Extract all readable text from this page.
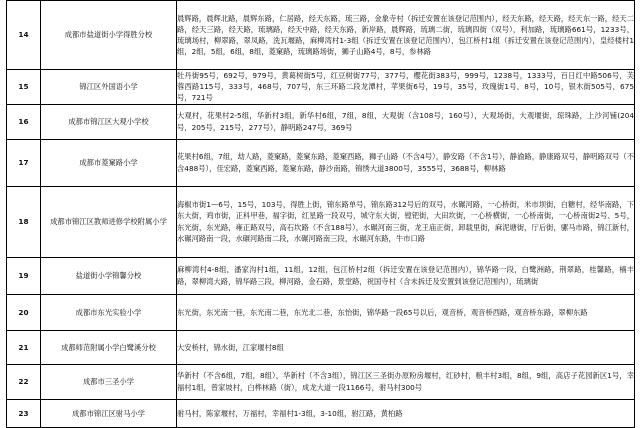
14	成都市盐道街小学得胜分校	晨辉路，晨辉北路，晨辉东路，仁居路，经天东路，琉三路，金象寺村（拆迁安置在该登记范围内），经天东路，经天路，经天东一路，经天二路，经天三路，经天路，琉璃路，经天中路，经天东路，新岸路，晨辉路，琉璃二街，琉璃四街（双号），利加路，琉璃路661号，1233号，琉璃场村，柳翠路，翠凤路，洗瓦堰路，麻柳湾村1-3组（拆迁安置在该登记范围内），包江桥村1组（拆迁安置在该登记范围内），皇经楼村1组，2组，5组，6组，8组，菱窠路，琉璃路场街，狮子山路4号，8号，参林路
15	锦江区外国语小学	牡丹街95号，692号，979号，黄葛树街5号，红豆树街77号，377号，樱花街383号，999号，1238号，1333号，百日红中路506号，芙蓉西路115号，333号，468号，707号，东三环路二段龙潭村，苹果街6号，19号，35号，玫瑰街1号，8号，10号，银木街505号，675号，721号
16	成都市锦江区大观小学校	大观村，花果村2-5组，华新村3组，新华村6组，7组，8组，大观街（含108号，160号），大观场街，大观堰街，琼珠路，上沙河铺(204号，205号，215号，277号），静明路247号，369号
17	成都市菱窠路小学	花果村6组，7组，劫人路，菱窠路，菱窠东路，菱窠西路，狮子山路（不含4号），静安路（不含1号），静渝路，静康路双号，静明路双号（不含488号），佳宏路，菱窠西路，菱窠东路，静沙南路，锦绣大道3800号，3555号，3688号，柳林路
18	成都市锦江区教师进修学校附属小学	海椒市街1—6号，15号，103号，得胜上街，锦东路单号，锦东路312号后的双号，水碾河路，一心桥街，米市坝街，白糖村，经华南路，下东大街，鸡市街，正科甲巷，福字街，红星路一段双号，城守东大街，镗钯街，大田坎街，一心桥横街，一心桥南街，一心桥南街2号、5号，东光街，东光路，雍正路双号，高石坎路（不含188号），水碾河南三街，龙王庙正街，卸载里街，麻泥塘街，厅后街，骡马市路，锦江新村，水碾河路南一段，水碾河路南二段，水碾河路南三段，水碾河东路，牛市口路
19	盐道街小学锦馨分校	麻柳湾村4-8组，潘家沟村1组，11组，12组，包江桥村2组（拆迁安置在该登记范围内），锦华路一段，白鹭洲路，荆翠路，桂馨路，楠丰路，翠柳湾大路，锦华路三段，柳河路，金石路，景堂路，祝国寺村（含未拆迁及安置到该登记范围内），琉璃街
20	成都市东光实验小学	东光街，东光南一巷，东光南二巷，东光北二巷，东怡街，锦华路一段65号以后，观音桥，观音桥西路，观音桥东路，翠柳东路
21	成都师范附属小学白鹭溪分校	大安桥村，锦水街，江家堰村8组
22	成都市三圣小学	华新村（不含6组，7组，8组），华新村（不含3组），锦江区三圣街办原粉房堰村，红砂村，粮丰村3组，8组，9组，高店子花园新区1号，幸福村1组，曾家坡村，白桦林路（街），成龙大道一段1166号，驸马村300号
23	成都市锦江区驸马小学	驸马村，陈家堰村，万福村，幸福村1-3组，3-10组，驸江路，黄柏路
